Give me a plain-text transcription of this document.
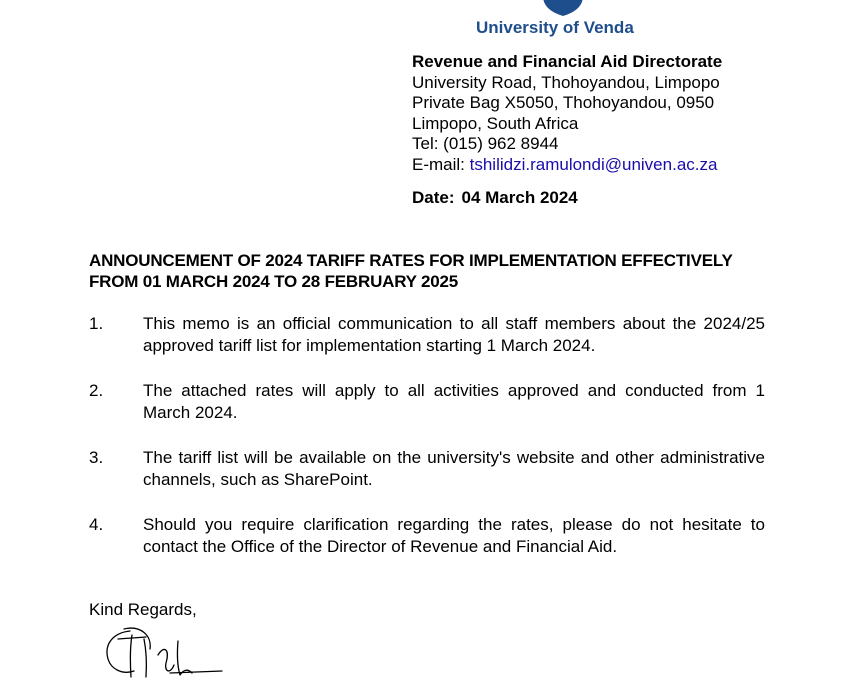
University of Venda
Revenue and Financial Aid Directorate
University Road, Thohoyandou, Limpopo
Private Bag X5050, Thohoyandou, 0950
Limpopo, South Africa
Tel: (015) 962 8944
E-mail: tshilidzi.ramulondi@univen.ac.za
Date: 04 March 2024
ANNOUNCEMENT OF 2024 TARIFF RATES FOR IMPLEMENTATION EFFECTIVELY FROM 01 MARCH 2024 TO 28 FEBRUARY 2025
1. This memo is an official communication to all staff members about the 2024/25 approved tariff list for implementation starting 1 March 2024.
2. The attached rates will apply to all activities approved and conducted from 1 March 2024.
3. The tariff list will be available on the university's website and other administrative channels, such as SharePoint.
4. Should you require clarification regarding the rates, please do not hesitate to contact the Office of the Director of Revenue and Financial Aid.
Kind Regards,
